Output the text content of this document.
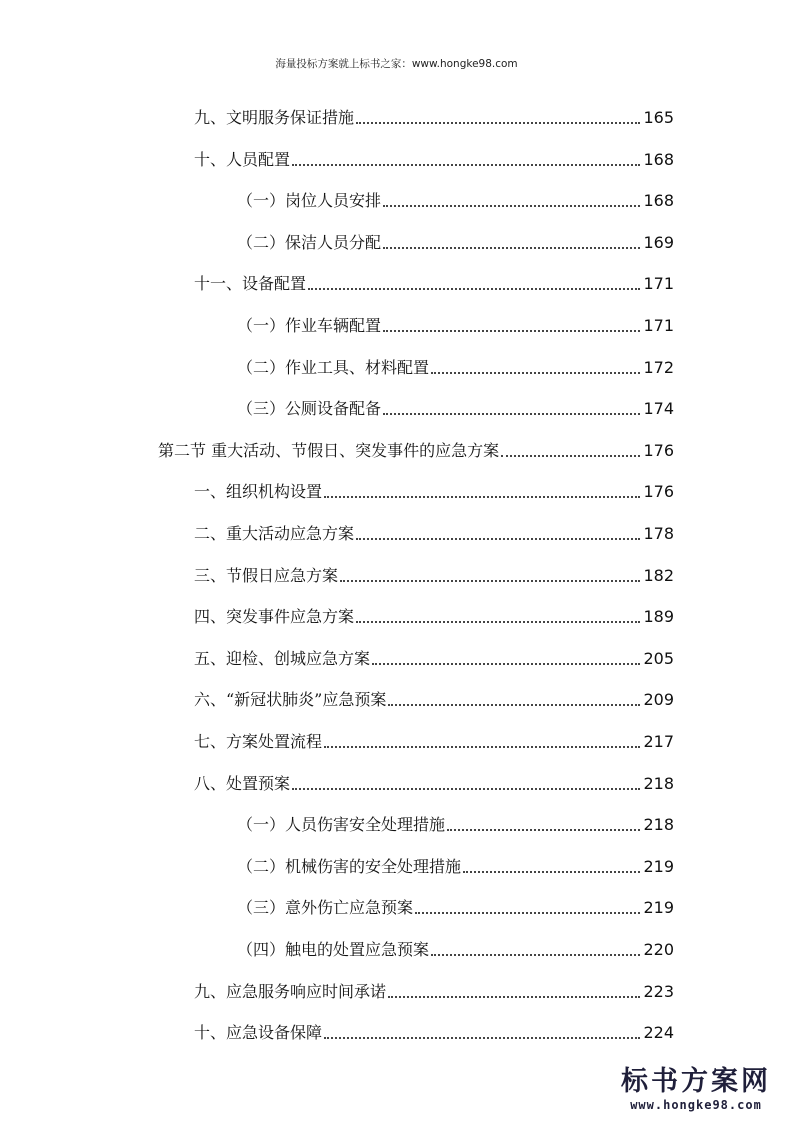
海量投标方案就上标书之家：www.hongke98.com
九、文明服务保证措施	165
十、人员配置	168
（一）岗位人员安排	168
（二）保洁人员分配	169
十一、设备配置	171
（一）作业车辆配置	171
（二）作业工具、材料配置	172
（三）公厕设备配备	174
第二节 重大活动、节假日、突发事件的应急方案	176
一、组织机构设置	176
二、重大活动应急方案	178
三、节假日应急方案	182
四、突发事件应急方案	189
五、迎检、创城应急方案	205
六、“新冠状肺炎”应急预案	209
七、方案处置流程	217
八、处置预案	218
（一）人员伤害安全处理措施	218
（二）机械伤害的安全处理措施	219
（三）意外伤亡应急预案	219
（四）触电的处置应急预案	220
九、应急服务响应时间承诺	223
十、应急设备保障	224
标书方案网
www.hongke98.com
